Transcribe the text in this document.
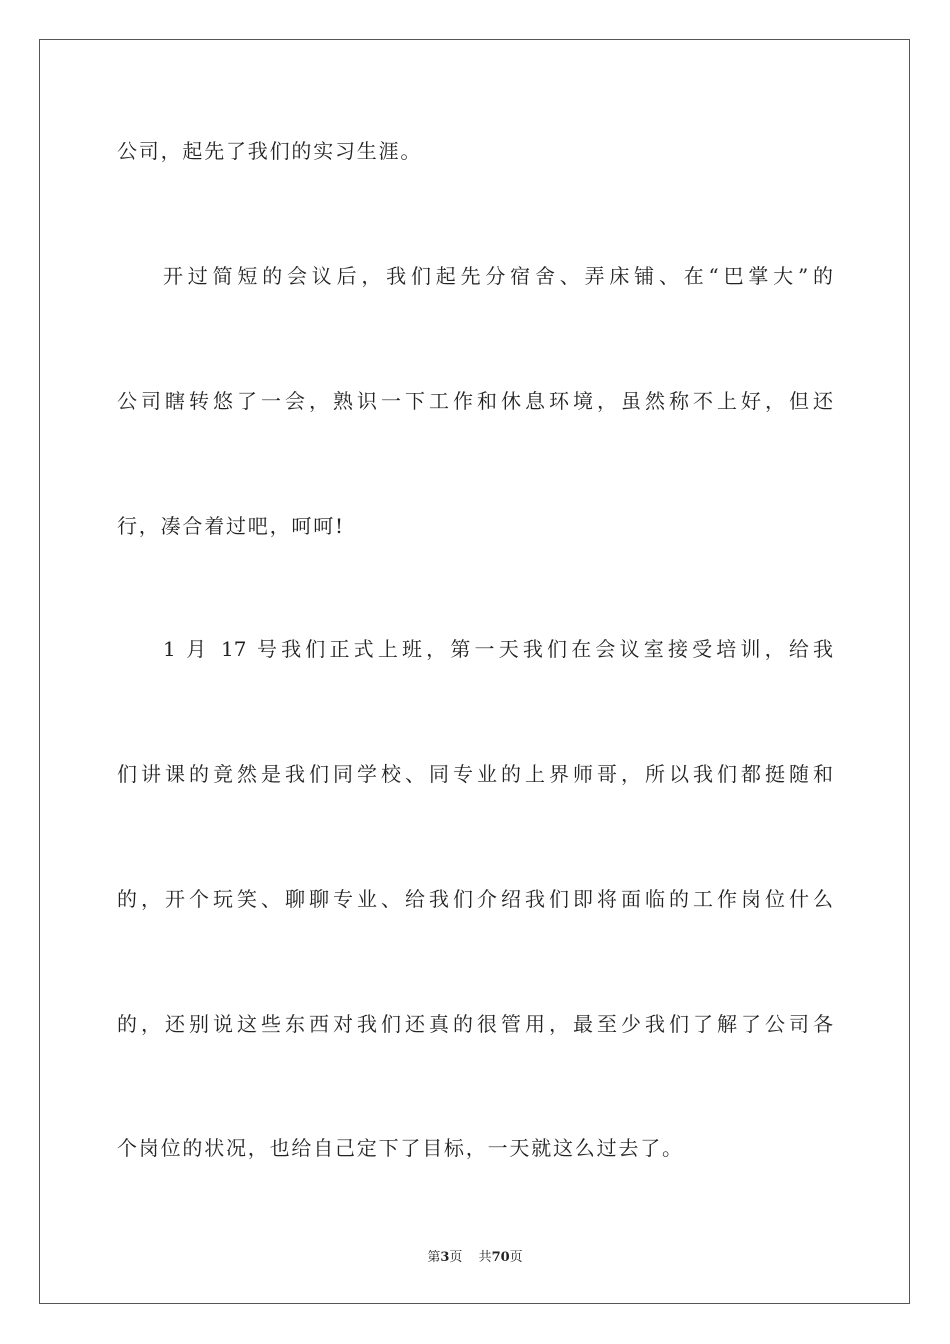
公司，起先了我们的实习生涯。
开过简短的会议后，我们起先分宿舍、弄床铺、在“巴掌大”的
公司瞎转悠了一会，熟识一下工作和休息环境，虽然称不上好，但还
行，凑合着过吧，呵呵!
1 月 17 号我们正式上班，第一天我们在会议室接受培训，给我
们讲课的竟然是我们同学校、同专业的上界师哥，所以我们都挺随和
的，开个玩笑、聊聊专业、给我们介绍我们即将面临的工作岗位什么
的，还别说这些东西对我们还真的很管用，最至少我们了解了公司各
个岗位的状况，也给自己定下了目标，一天就这么过去了。
第3页 共70页
